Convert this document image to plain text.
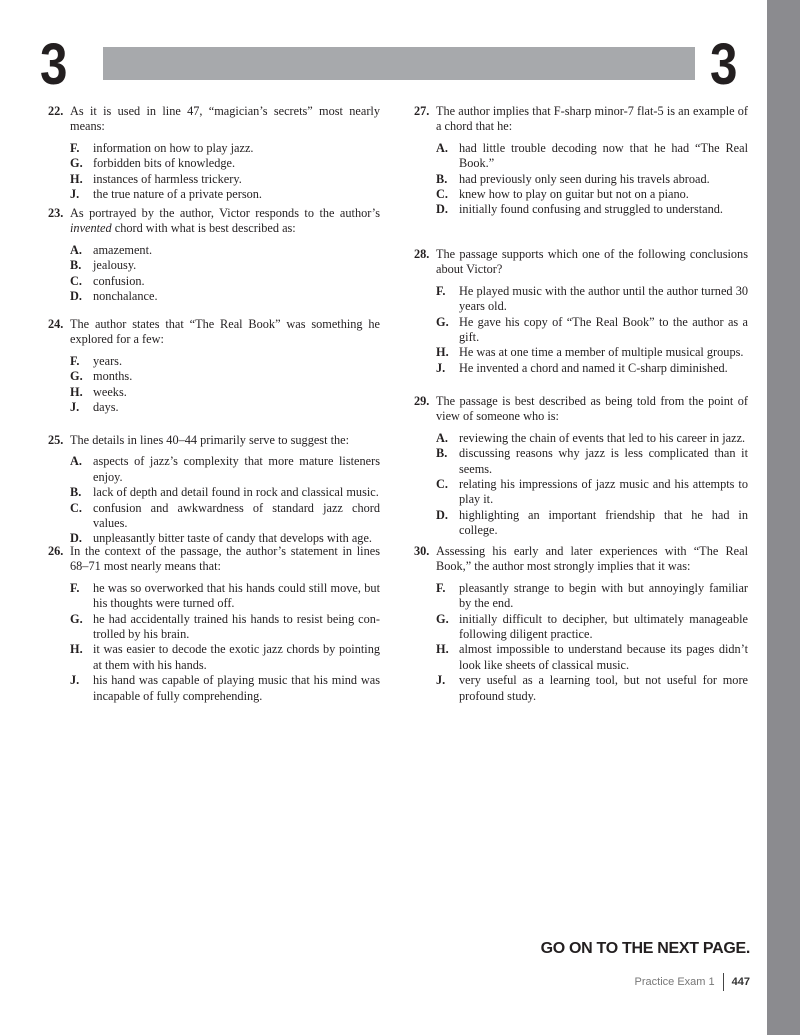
3	3
22. As it is used in line 47, “magician’s secrets” most nearly means:
F.	information on how to play jazz.
G. forbidden bits of knowledge.
H. instances of harmless trickery.
J.	the true nature of a private person.
23. As portrayed by the author, Victor responds to the author’s invented chord with what is best described as:
A. amazement.
B. jealousy.
C. confusion.
D. nonchalance.
24. The author states that “The Real Book” was something he explored for a few:
F.	years.
G. months.
H. weeks.
J.	days.
25. The details in lines 40–44 primarily serve to suggest the:
A. aspects of jazz’s complexity that more mature listeners enjoy.
B. lack of depth and detail found in rock and classical music.
C. confusion and awkwardness of standard jazz chord values.
D. unpleasantly bitter taste of candy that develops with age.
26. In the context of the passage, the author’s statement in lines 68–71 most nearly means that:
F.	he was so overworked that his hands could still move, but his thoughts were turned off.
G. he had accidentally trained his hands to resist being con-trolled by his brain.
H. it was easier to decode the exotic jazz chords by pointing at them with his hands.
J.	his hand was capable of playing music that his mind was incapable of fully comprehending.
27. The author implies that F-sharp minor-7 flat-5 is an example of a chord that he:
A. had little trouble decoding now that he had “The Real Book.”
B. had previously only seen during his travels abroad.
C. knew how to play on guitar but not on a piano.
D. initially found confusing and struggled to understand.
28. The passage supports which one of the following conclusions about Victor?
F.	He played music with the author until the author turned 30 years old.
G. He gave his copy of “The Real Book” to the author as a gift.
H. He was at one time a member of multiple musical groups.
J.	He invented a chord and named it C-sharp diminished.
29. The passage is best described as being told from the point of view of someone who is:
A. reviewing the chain of events that led to his career in jazz.
B. discussing reasons why jazz is less complicated than it seems.
C. relating his impressions of jazz music and his attempts to play it.
D. highlighting an important friendship that he had in college.
30. Assessing his early and later experiences with “The Real Book,” the author most strongly implies that it was:
F.	pleasantly strange to begin with but annoyingly familiar by the end.
G. initially difficult to decipher, but ultimately manageable following diligent practice.
H. almost impossible to understand because its pages didn’t look like sheets of classical music.
J.	very useful as a learning tool, but not useful for more profound study.
GO ON TO THE NEXT PAGE.
Practice Exam 1 447
